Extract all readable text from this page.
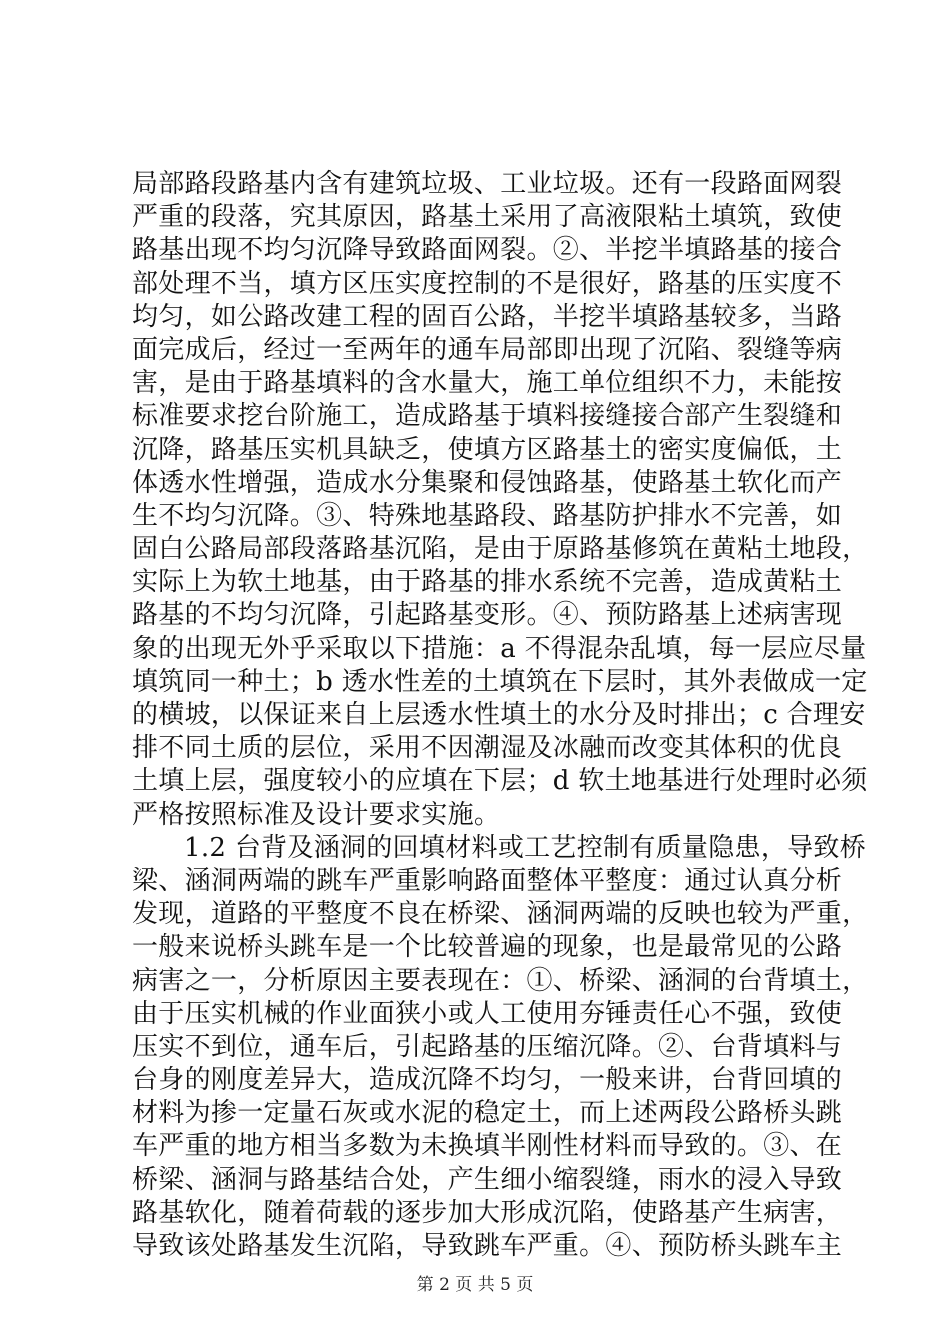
局部路段路基内含有建筑垃圾、工业垃圾。还有一段路面网裂
严重的段落，究其原因，路基土采用了高液限粘土填筑，致使
路基出现不均匀沉降导致路面网裂。②、半挖半填路基的接合
部处理不当，填方区压实度控制的不是很好，路基的压实度不
均匀，如公路改建工程的固百公路，半挖半填路基较多，当路
面完成后，经过一至两年的通车局部即出现了沉陷、裂缝等病
害，是由于路基填料的含水量大，施工单位组织不力，未能按
标准要求挖台阶施工，造成路基于填料接缝接合部产生裂缝和
沉降，路基压实机具缺乏，使填方区路基土的密实度偏低，土
体透水性增强，造成水分集聚和侵蚀路基，使路基土软化而产
生不均匀沉降。③、特殊地基路段、路基防护排水不完善，如
固白公路局部段落路基沉陷，是由于原路基修筑在黄粘土地段，
实际上为软土地基，由于路基的排水系统不完善，造成黄粘土
路基的不均匀沉降，引起路基变形。④、预防路基上述病害现
象的出现无外乎采取以下措施：a 不得混杂乱填，每一层应尽量
填筑同一种土；b 透水性差的土填筑在下层时，其外表做成一定
的横坡，以保证来自上层透水性填土的水分及时排出；c 合理安
排不同土质的层位，采用不因潮湿及冰融而改变其体积的优良
土填上层，强度较小的应填在下层；d 软土地基进行处理时必须
严格按照标准及设计要求实施。
1.2 台背及涵洞的回填材料或工艺控制有质量隐患，导致桥
梁、涵洞两端的跳车严重影响路面整体平整度：通过认真分析
发现，道路的平整度不良在桥梁、涵洞两端的反映也较为严重，
一般来说桥头跳车是一个比较普遍的现象，也是最常见的公路
病害之一，分析原因主要表现在：①、桥梁、涵洞的台背填土，
由于压实机械的作业面狭小或人工使用夯锤责任心不强，致使
压实不到位，通车后，引起路基的压缩沉降。②、台背填料与
台身的刚度差异大，造成沉降不均匀，一般来讲，台背回填的
材料为掺一定量石灰或水泥的稳定土，而上述两段公路桥头跳
车严重的地方相当多数为未换填半刚性材料而导致的。③、在
桥梁、涵洞与路基结合处，产生细小缩裂缝，雨水的浸入导致
路基软化，随着荷载的逐步加大形成沉陷，使路基产生病害，
导致该处路基发生沉陷，导致跳车严重。④、预防桥头跳车主
第 2 页 共 5 页
